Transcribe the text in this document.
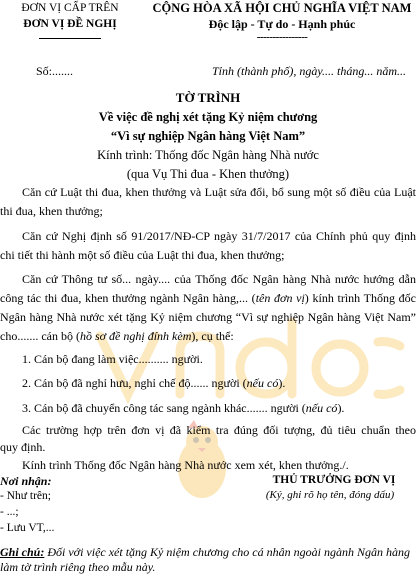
ĐƠN VỊ CẤP TRÊN
ĐƠN VỊ ĐỀ NGHỊ
CỘNG HÒA XÃ HỘI CHỦ NGHĨA VIỆT NAM
Độc lập - Tự do - Hạnh phúc
----------------
Số:.......	Tỉnh (thành phố), ngày.... tháng... năm...
TỜ TRÌNH
Về việc đề nghị xét tặng Kỷ niệm chương
“Vì sự nghiệp Ngân hàng Việt Nam”
Kính trình: Thống đốc Ngân hàng Nhà nước
(qua Vụ Thi đua - Khen thưởng)
Căn cứ Luật thi đua, khen thưởng và Luật sửa đổi, bổ sung một số điều của Luật
thi đua, khen thưởng;
Căn cứ Nghị định số 91/2017/NĐ-CP ngày 31/7/2017 của Chính phủ quy định
chi tiết thi hành một số điều của Luật thi đua, khen thưởng;
Căn cứ Thông tư số... ngày.... của Thống đốc Ngân hàng Nhà nước hướng dẫn
công tác thi đua, khen thưởng ngành Ngân hàng,... (tên đơn vị) kính trình Thống đốc
Ngân hàng Nhà nước xét tặng Kỷ niệm chương “Vì sự nghiệp Ngân hàng Việt Nam”
cho....... cán bộ (hồ sơ đề nghị đính kèm), cụ thể:
1. Cán bộ đang làm việc.......... người.
2. Cán bộ đã nghỉ hưu, nghỉ chế độ...... người (nếu có).
3. Cán bộ đã chuyển công tác sang ngành khác....... người (nếu có).
Các trường hợp trên đơn vị đã kiểm tra đúng đối tượng, đủ tiêu chuẩn theo
quy định.
Nơi nhận:
- Như trên;
- ...;
- Lưu VT,...
THỦ TRƯỞNG ĐƠN VỊ
(Ký, ghi rõ họ tên, đóng dấu)
Ghi chú: Đối với việc xét tặng Kỷ niệm chương cho cá nhân ngoài ngành Ngân hàng làm tờ trình riêng theo mẫu này.
Kính trình Thống đốc Ngân hàng Nhà nước xem xét, khen thưởng./.
